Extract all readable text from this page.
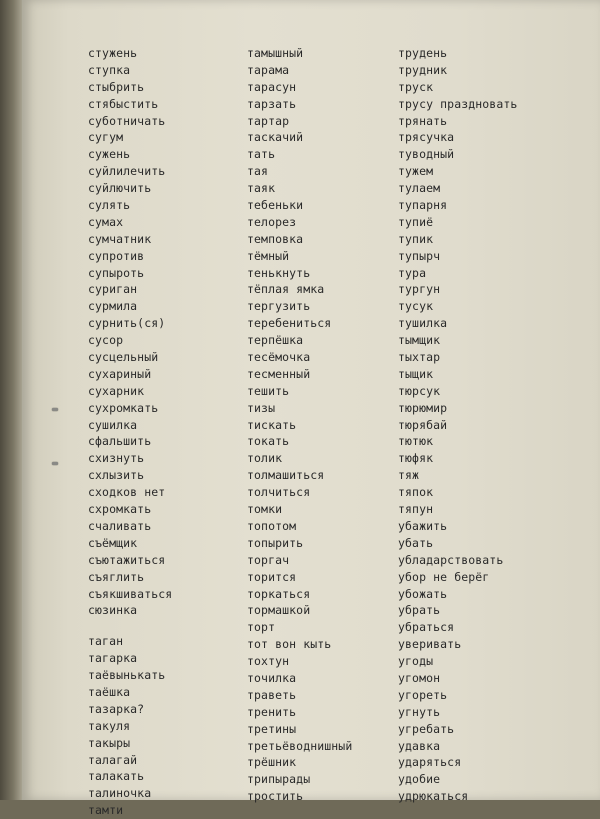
стужень
ступка
стыбрить
стябыстить
суботничать
сугум
сужень
суйлилечить
суйлючить
сулять
сумах
сумчатник
супротив
супыроть
суриган
сурмила
сурнить(ся)
сусор
сусцельный
сухариный
сухарник
сухромкать
сушилка
сфальшить
схизнуть
схлызить
сходков нет
схромкать
счаливать
съёмщик
съютажиться
съяглить
съякшиваться
сюзинка
таган
тагарка
таёвынькать
таёшка
тазарка?
такуля
такыры
талагай
талакать
талиночка
тамти
тамышный
тарама
тарасун
тарзать
тартар
таскачий
тать
тая
таяк
тебеньки
телорез
темповка
тёмный
тенькнуть
тёплая ямка
тергузить
теребениться
терпёшка
тесёмочка
тесменный
тешить
тизы
тискать
токать
толик
толмашиться
толчиться
томки
топотом
топырить
торгач
торится
торкаться
тормашкой
торт
тот вон кыть
тохтун
точилка
траветь
тренить
третины
третьёводнишный
трёшник
трипырады
тростить
трудень
трудник
труск
трусу праздновать
трянать
трясучка
туводный
тужем
тулаем
тупарня
тупиё
тупик
тупырч
тура
тургун
тусук
тушилка
тымщик
тыхтар
тыщик
тюрсук
тюрюмир
тюрябай
тютюк
тюфяк
тяж
тяпок
тяпун
убажить
убать
убладарствовать
убор не берёг
убожать
убрать
убраться
уверивать
угоды
угомон
угореть
угнуть
угребать
удавка
ударяться
удобие
удрюкаться
